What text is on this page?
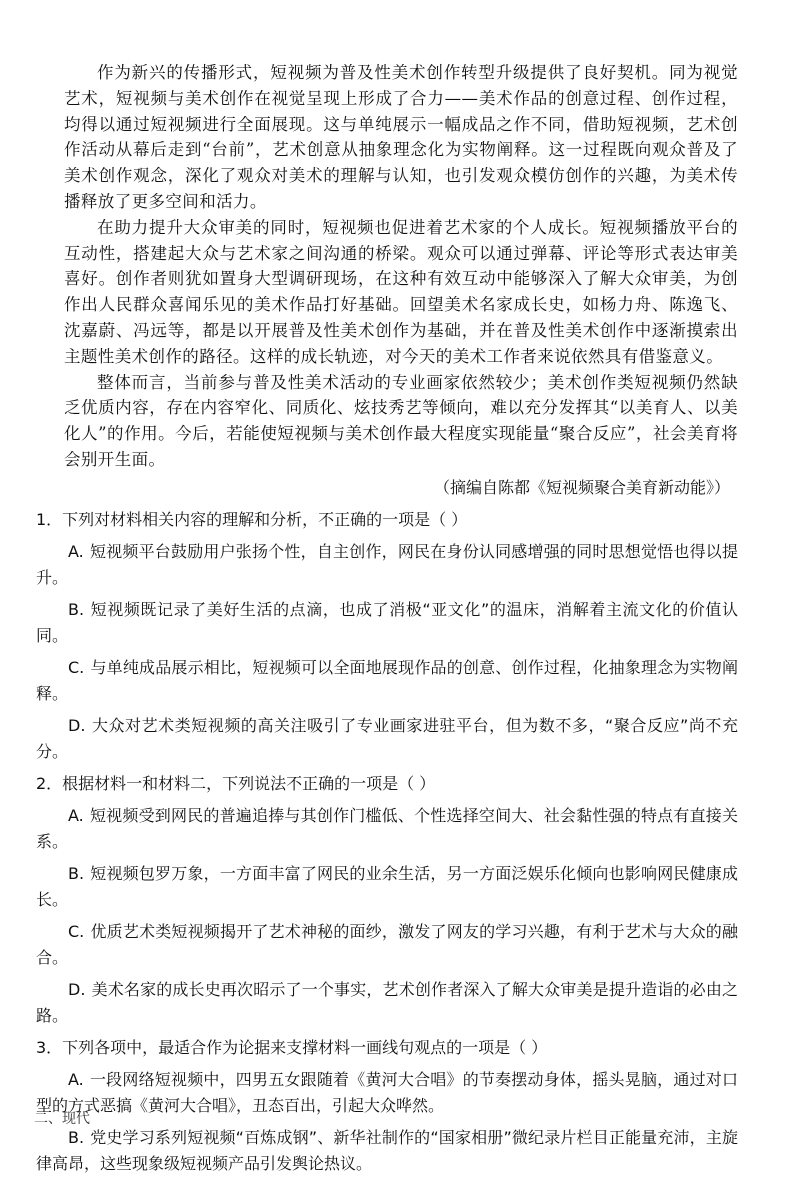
作为新兴的传播形式，短视频为普及性美术创作转型升级提供了良好契机。同为视觉艺术，短视频与美术创作在视觉呈现上形成了合力——美术作品的创意过程、创作过程，均得以通过短视频进行全面展现。这与单纯展示一幅成品之作不同，借助短视频，艺术创作活动从幕后走到“台前”，艺术创意从抽象理念化为实物阐释。这一过程既向观众普及了美术创作观念，深化了观众对美术的理解与认知，也引发观众模仿创作的兴趣，为美术传播释放了更多空间和活力。

在助力提升大众审美的同时，短视频也促进着艺术家的个人成长。短视频播放平台的互动性，搭建起大众与艺术家之间沟通的桥梁。观众可以通过弹幕、评论等形式表达审美喜好。创作者则犹如置身大型调研现场，在这种有效互动中能够深入了解大众审美，为创作出人民群众喜闻乐见的美术作品打好基础。回望美术名家成长史，如杨力舟、陈逸飞、沈嘉蔚、冯远等，都是以开展普及性美术创作为基础，并在普及性美术创作中逐渐摸索出主题性美术创作的路径。这样的成长轨迹，对今天的美术工作者来说依然具有借鉴意义。

整体而言，当前参与普及性美术活动的专业画家依然较少；美术创作类短视频仍然缺乏优质内容，存在内容窄化、同质化、炫技秀艺等倾向，难以充分发挥其“以美育人、以美化人”的作用。今后，若能使短视频与美术创作最大程度实现能量“聚合反应”，社会美育将会别开生面。

（摘编自陈都《短视频聚合美育新动能》）
1．下列对材料相关内容的理解和分析，不正确的一项是（ ）
A. 短视频平台鼓励用户张扬个性，自主创作，网民在身份认同感增强的同时思想觉悟也得以提升。
B. 短视频既记录了美好生活的点滴，也成了消极“亚文化”的温床，消解着主流文化的价值认同。
C. 与单纯成品展示相比，短视频可以全面地展现作品的创意、创作过程，化抽象理念为实物阐释。
D. 大众对艺术类短视频的高关注吸引了专业画家进驻平台，但为数不多，“聚合反应”尚不充分。
2．根据材料一和材料二，下列说法不正确的一项是（ ）
A. 短视频受到网民的普遍追捧与其创作门槛低、个性选择空间大、社会黏性强的特点有直接关系。
B. 短视频包罗万象，一方面丰富了网民的业余生活，另一方面泛娱乐化倾向也影响网民健康成长。
C. 优质艺术类短视频揭开了艺术神秘的面纱，激发了网友的学习兴趣，有利于艺术与大众的融合。
D. 美术名家的成长史再次昭示了一个事实，艺术创作者深入了解大众审美是提升造诣的必由之路。
3．下列各项中，最适合作为论据来支撑材料一画线句观点的一项是（ ）
A. 一段网络短视频中，四男五女跟随着《黄河大合唱》的节奏摆动身体，摇头晃脑，通过对口型的方式恶搞《黄河大合唱》，丑态百出，引起大众哗然。
B. 党史学习系列短视频“百炼成钢”、新华社制作的“国家相册”微纪录片栏目正能量充沛，主旋律高昂，这些现象级短视频产品引发舆论热议。
二、现代
